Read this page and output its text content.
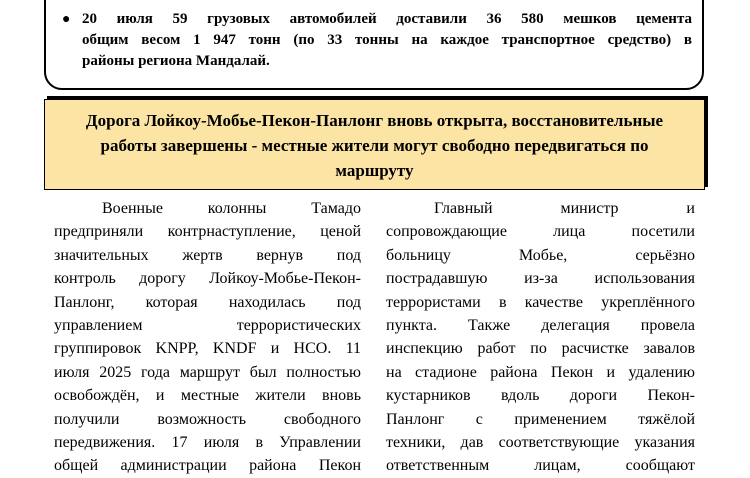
● 20 июля 59 грузовых автомобилей доставили 36 580 мешков цемента

общим весом 1 947 тонн (по 33 тонны на каждое транспортное средство) в

районы региона Мандалай.

Дорога Лойкоу-Мобье-Пекон-Панлонг вновь открыта, восстановительные
работы завершены - местные жители могут свободно передвигаться по
маршруту
Военные колонны Тамадо
предприняли контрнаступление, ценой
значительных жертв вернув под
контроль дорогу Лойкоу-Мобье-Пекон-
Панлонг, которая находилась под
управлением террористических
группировок KNPP, KNDF и НСО. 11
июля 2025 года маршрут был полностью
освобождён, и местные жители вновь
получили возможность свободного
передвижения. 17 июля в Управлении
общей администрации района Пекон
Главный министр и
сопровождающие лица посетили
больницу Мобье, серьёзно
пострадавшую из-за использования
террористами в качестве укреплённого
пункта. Также делегация провела
инспекцию работ по расчистке завалов
на стадионе района Пекон и удалению
кустарников вдоль дороги Пекон-
Панлонг с применением тяжёлой
техники, дав соответствующие указания
ответственным лицам, сообщают
